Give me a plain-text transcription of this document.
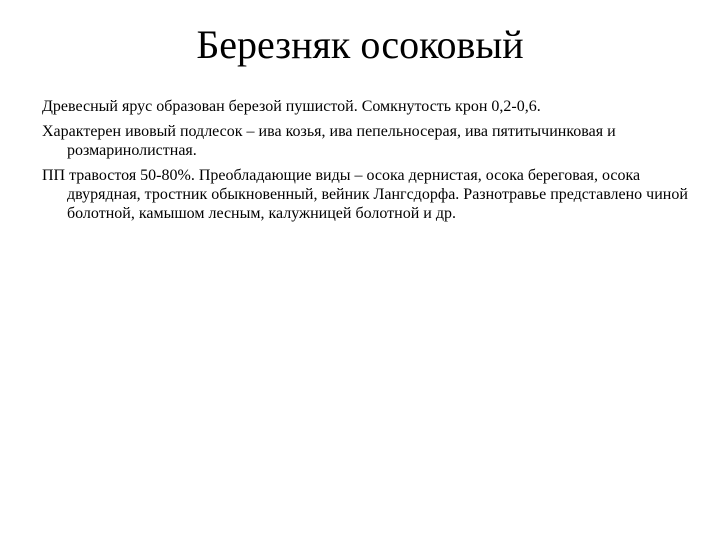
Березняк осоковый

Древесный ярус образован березой пушистой. Сомкнутость крон 0,2-0,6.

Характерен ивовый подлесок – ива козья, ива пепельносерая, ива пятитычинковая и розмаринолистная.

ПП травостоя 50-80%. Преобладающие виды – осока дернистая, осока береговая, осока двурядная, тростник обыкновенный, вейник Лангсдорфа. Разнотравье представлено чиной болотной, камышом лесным, калужницей болотной и др.
